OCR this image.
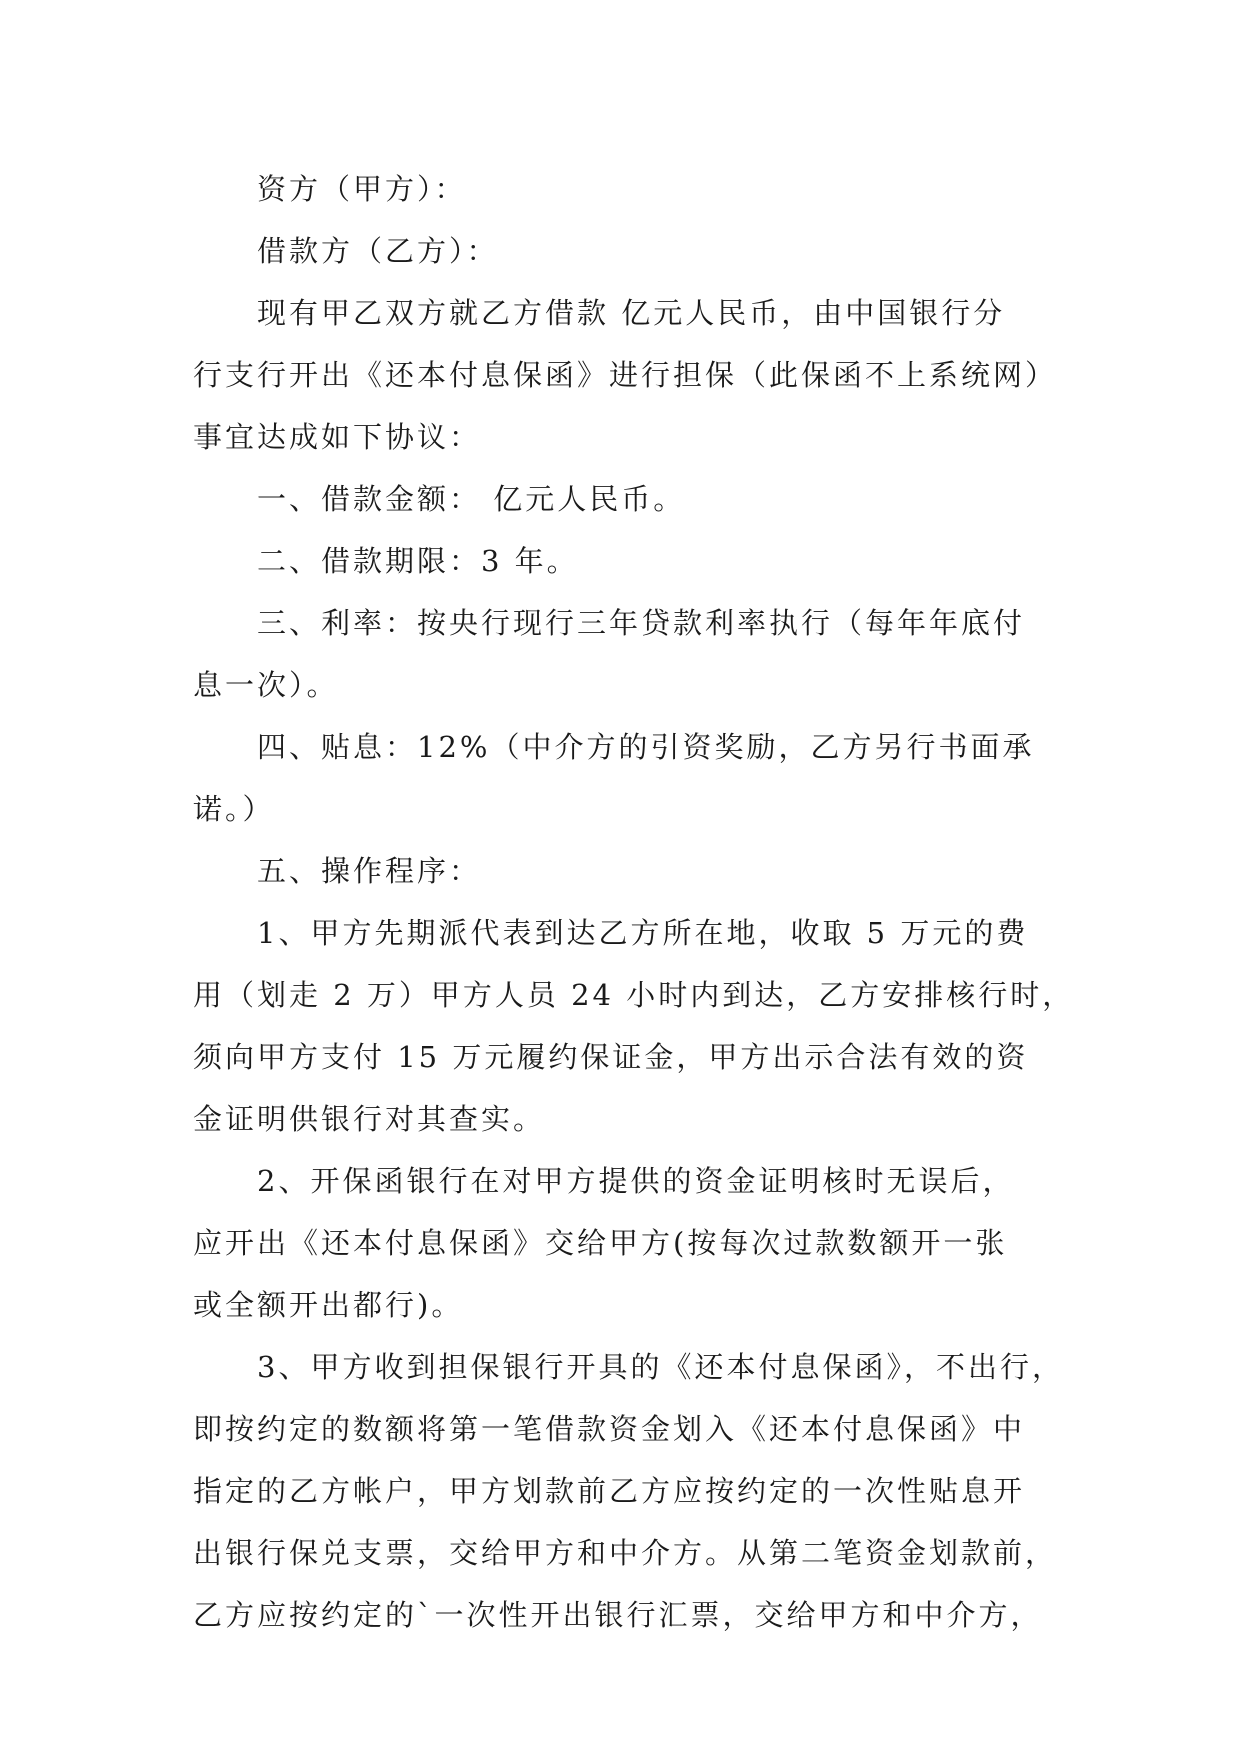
资方（甲方）：
借款方（乙方）：
现有甲乙双方就乙方借款 亿元人民币，由中国银行分
行支行开出《还本付息保函》进行担保（此保函不上系统网）
事宜达成如下协议：
一、借款金额： 亿元人民币。
二、借款期限：3 年。
三、利率：按央行现行三年贷款利率执行（每年年底付
息一次）。
四、贴息：12%（中介方的引资奖励，乙方另行书面承
诺。）
五、操作程序：
1、甲方先期派代表到达乙方所在地，收取 5 万元的费
用（划走 2 万）甲方人员 24 小时内到达，乙方安排核行时，
须向甲方支付 15 万元履约保证金，甲方出示合法有效的资
金证明供银行对其查实。
2、开保函银行在对甲方提供的资金证明核时无误后，
应开出《还本付息保函》交给甲方(按每次过款数额开一张
或全额开出都行)。
3、甲方收到担保银行开具的《还本付息保函》，不出行，
即按约定的数额将第一笔借款资金划入《还本付息保函》中
指定的乙方帐户，甲方划款前乙方应按约定的一次性贴息开
出银行保兑支票，交给甲方和中介方。从第二笔资金划款前，
乙方应按约定的`一次性开出银行汇票，交给甲方和中介方，
